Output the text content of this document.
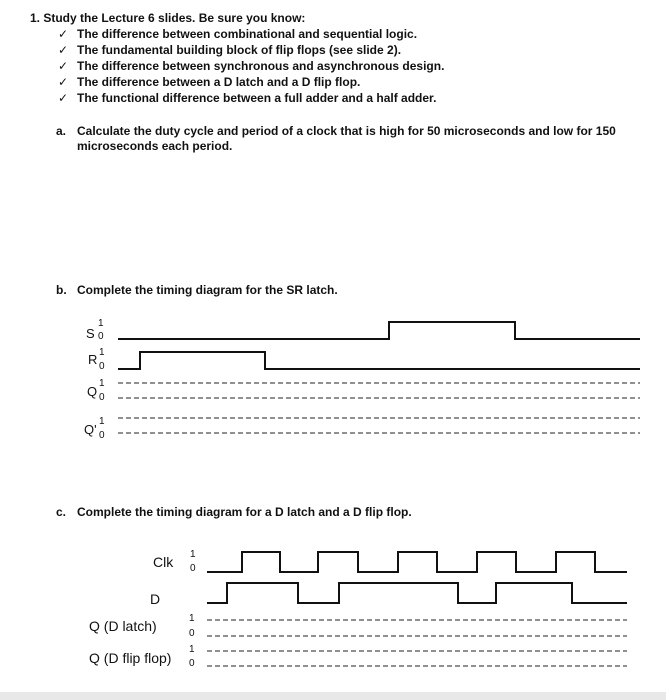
1. Study the Lecture 6 slides. Be sure you know:
✓ The difference between combinational and sequential logic.
✓ The fundamental building block of flip flops (see slide 2).
✓ The difference between synchronous and asynchronous design.
✓ The difference between a D latch and a D flip flop.
✓ The functional difference between a full adder and a half adder.
a. Calculate the duty cycle and period of a clock that is high for 50 microseconds and low for 150
microseconds each period.
b. Complete the timing diagram for the SR latch.
S
1
0
R 1
0
Q
1
0
Q'
1
0
c. Complete the timing diagram for a D latch and a D flip flop.
Clk 1
0
D
Q (D latch)	1
0
Q (D flip flop)
1
0
